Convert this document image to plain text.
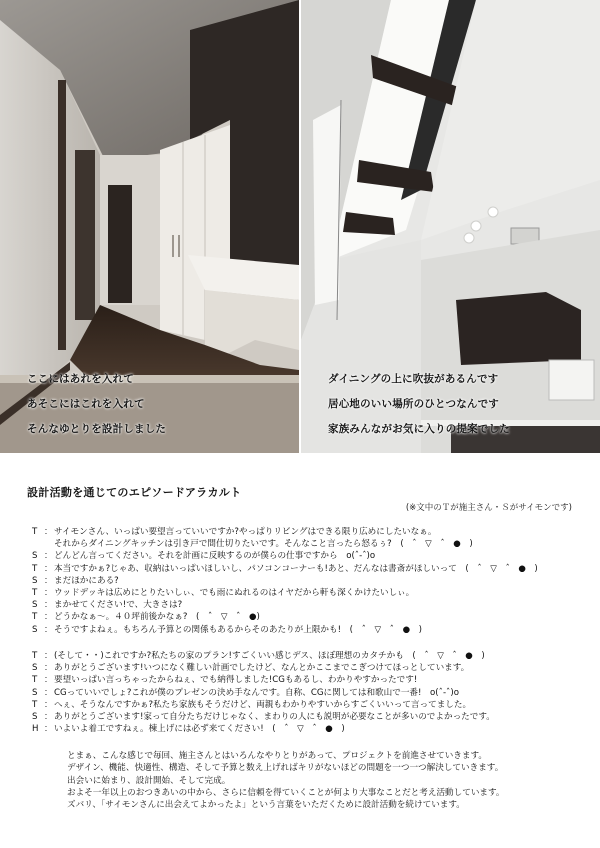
ここにはあれを入れて
あそこにはこれを入れて
そんなゆとりを設計しました
ダイニングの上に吹抜があるんです
居心地のいい場所のひとつなんです
家族みんながお気に入りの提案でした
設計活動を通じてのエピソードアラカルト
(※文中のＴが施主さん・Ｓがサイモンです)
T ： サイモンさん、いっぱい要望言っていいですか?やっぱりリビングはできる限り広めにしたいなぁ。
それからダイニングキッチンは引き戸で間仕切りたいです。そんなこと言ったら怒るぅ?　(　ˆ　▽　ˆ　●　)
S ： どんどん言ってください。それを計画に反映するのが僕らの仕事ですから　o(ˆ-ˆ)o
T ： 本当ですかぁ?じゃあ、収納はいっぱいほしいし、パソコンコーナーも!あと、だんなは書斎がほしいって　(　ˆ　▽　ˆ　●　)
S ： まだほかにある?
T ： ウッドデッキは広めにとりたいしぃ、でも雨にぬれるのはイヤだから軒も深くかけたいしぃ。
S ： まかせてください!で、大きさは?
T ： どうかなぁ〜。４０坪前後かなぁ?　(　ˆ　▽　ˆ　●)
S ： そうですよねぇ。もちろん予算との関係もあるからそのあたりが上限かも!　(　ˆ　▽　ˆ　●　)
T ： (そして・・)これですか?私たちの家のプラン!すごくいい感じデス、ほぼ理想のカタチかも　(　ˆ　▽　ˆ　●　)
S ： ありがとうございます!いつになく難しい計画でしたけど、なんとかここまでこぎつけてほっとしています。
T ： 要望いっぱい言っちゃったからねぇ、でも納得しました!CGもあるし、わかりやすかったです!
S ： CGっていいでしょ?これが僕のプレゼンの決め手なんです。自称、CGに関しては和歌山で一番!　o(ˆ-ˆ)o
T ： へぇ、そうなんですかぁ?私たち家族もそうだけど、両親もわかりやすいからすごくいいって言ってました。
S ： ありがとうございます!家って自分たちだけじゃなく、まわりの人にも説明が必要なことが多いのでよかったです。
H ： いよいよ着工ですねぇ。棟上げには必ず来てください!　(　ˆ　▽　ˆ　●　)
とまぁ、こんな感じで毎回、施主さんとはいろんなやりとりがあって、プロジェクトを前進させていきます。
デザイン、機能、快適性、構造、そして予算と数え上げればキリがないほどの問題を一つ一つ解決していきます。
出会いに始まり、設計開始、そして完成。
およそ一年以上のおつきあいの中から、さらに信頼を得ていくことが何より大事なことだと考え活動しています。
ズバリ、「サイモンさんに出会えてよかったよ」という言葉をいただくために設計活動を続けています。
